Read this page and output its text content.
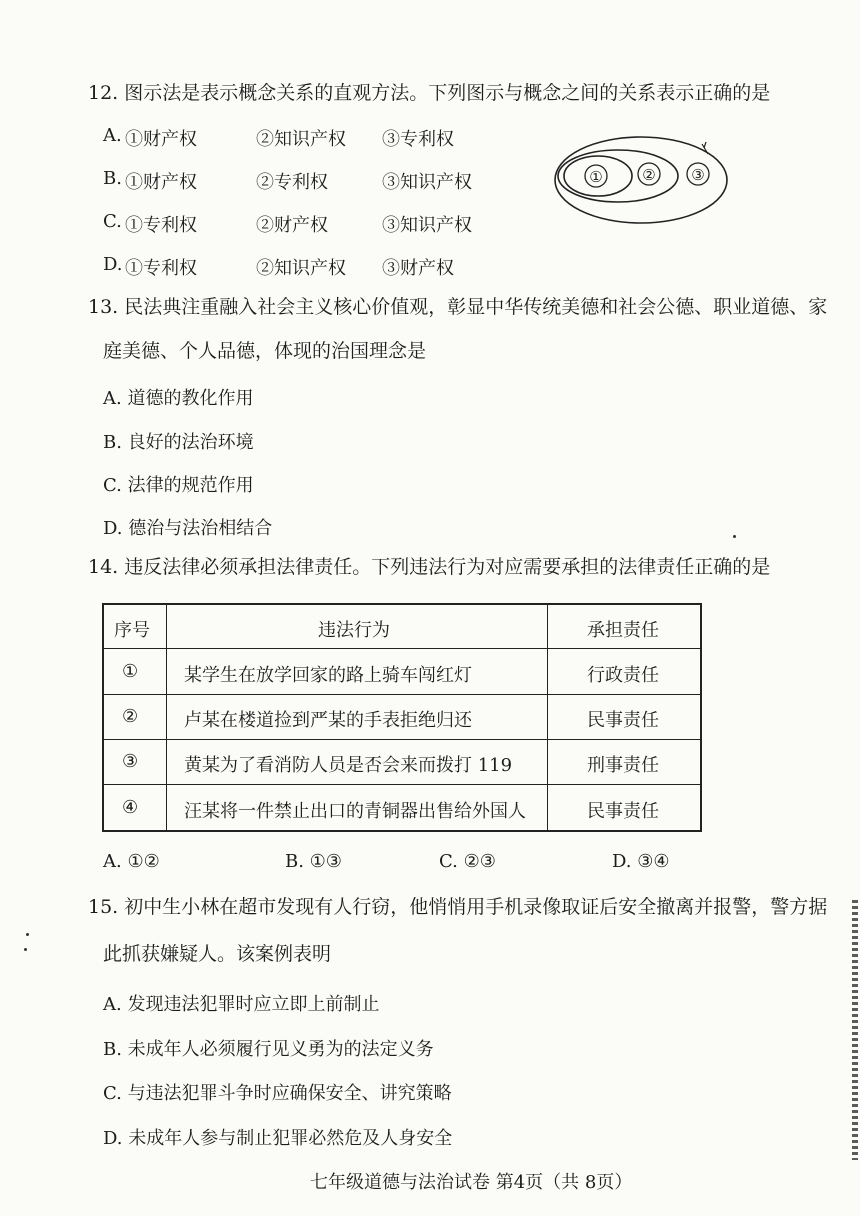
12. 图示法是表示概念关系的直观方法。下列图示与概念之间的关系表示正确的是
A. ①财产权	②知识产权 ③专利权
B. ①财产权	②专利权	③知识产权
C. ①专利权	②财产权	③知识产权
D. ①专利权	②知识产权 ③财产权
①	② ③
13. 民法典注重融入社会主义核心价值观，彰显中华传统美德和社会公德、职业道德、家
庭美德、个人品德，体现的治国理念是
A. 道德的教化作用
B. 良好的法治环境
C. 法律的规范作用
D. 德治与法治相结合
14. 违反法律必须承担法律责任。下列违法行为对应需要承担的法律责任正确的是
序号	违法行为	承担责任
①	某学生在放学回家的路上骑车闯红灯	行政责任
②	卢某在楼道捡到严某的手表拒绝归还	民事责任
③	黄某为了看消防人员是否会来而拨打 119	刑事责任
④	汪某将一件禁止出口的青铜器出售给外国人	民事责任
A. ①②	B. ①③	C. ②③	D. ③④
15. 初中生小林在超市发现有人行窃，他悄悄用手机录像取证后安全撤离并报警，警方据
此抓获嫌疑人。该案例表明
A. 发现违法犯罪时应立即上前制止
B. 未成年人必须履行见义勇为的法定义务
C. 与违法犯罪斗争时应确保安全、讲究策略
D. 未成年人参与制止犯罪必然危及人身安全
七年级道德与法治试卷 第4页（共 8页）
